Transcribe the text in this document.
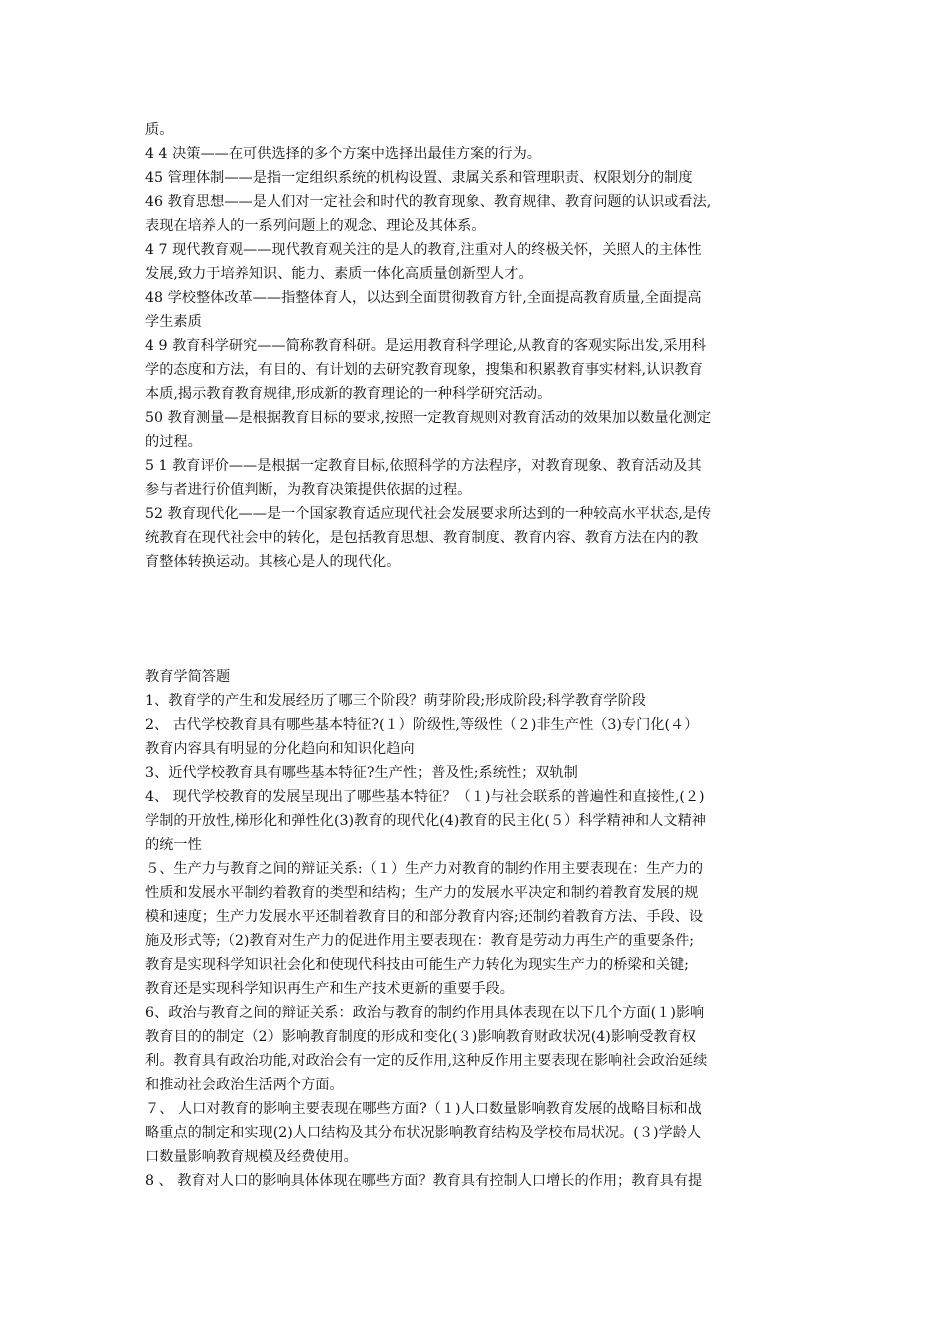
质。

4 4 决策——在可供选择的多个方案中选择出最佳方案的行为。

45 管理体制——是指一定组织系统的机构设置、隶属关系和管理职责、权限划分的制度

46 教育思想——是人们对一定社会和时代的教育现象、教育规律、教育问题的认识或看法,

表现在培养人的一系列问题上的观念、理论及其体系。

4 7 现代教育观——现代教育观关注的是人的教育,注重对人的终极关怀，关照人的主体性

发展,致力于培养知识、能力、素质一体化高质量创新型人才。

48 学校整体改革——指整体育人，以达到全面贯彻教育方针,全面提高教育质量,全面提高

学生素质

4 9 教育科学研究——简称教育科研。是运用教育科学理论,从教育的客观实际出发,采用科

学的态度和方法，有目的、有计划的去研究教育现象，搜集和积累教育事实材料,认识教育

本质,揭示教育教育规律,形成新的教育理论的一种科学研究活动。

50 教育测量—是根据教育目标的要求,按照一定教育规则对教育活动的效果加以数量化测定

的过程。

5 1 教育评价——是根据一定教育目标,依照科学的方法程序，对教育现象、教育活动及其

参与者进行价值判断，为教育决策提供依据的过程。

52 教育现代化——是一个国家教育适应现代社会发展要求所达到的一种较高水平状态,是传

统教育在现代社会中的转化，是包括教育思想、教育制度、教育内容、教育方法在内的教

育整体转换运动。其核心是人的现代化。

教育学简答题

1、教育学的产生和发展经历了哪三个阶段？萌芽阶段;形成阶段;科学教育学阶段

2、 古代学校教育具有哪些基本特征?(１）阶级性,等级性（２)非生产性（3)专门化(４）

教育内容具有明显的分化趋向和知识化趋向

3、近代学校教育具有哪些基本特征?生产性；普及性;系统性；双轨制

4、 现代学校教育的发展呈现出了哪些基本特征？（１)与社会联系的普遍性和直接性,(２)

学制的开放性,梯形化和弹性化(3)教育的现代化(4)教育的民主化(５）科学精神和人文精神

的统一性

５、生产力与教育之间的辩证关系:（１）生产力对教育的制约作用主要表现在：生产力的

性质和发展水平制约着教育的类型和结构；生产力的发展水平决定和制约着教育发展的规

模和速度；生产力发展水平还制着教育目的和部分教育内容;还制约着教育方法、手段、设

施及形式等;（2)教育对生产力的促进作用主要表现在：教育是劳动力再生产的重要条件;

教育是实现科学知识社会化和使现代科技由可能生产力转化为现实生产力的桥梁和关键;

教育还是实现科学知识再生产和生产技术更新的重要手段。

6、政治与教育之间的辩证关系：政治与教育的制约作用具体表现在以下几个方面(１)影响

教育目的的制定（2）影响教育制度的形成和变化(３)影响教育财政状况(4)影响受教育权

利。教育具有政治功能,对政治会有一定的反作用,这种反作用主要表现在影响社会政治延续

和推动社会政治生活两个方面。

７、 人口对教育的影响主要表现在哪些方面?（１)人口数量影响教育发展的战略目标和战

略重点的制定和实现(2)人口结构及其分布状况影响教育结构及学校布局状况。(３)学龄人

口数量影响教育规模及经费使用。

8 、 教育对人口的影响具体体现在哪些方面？教育具有控制人口增长的作用；教育具有提
